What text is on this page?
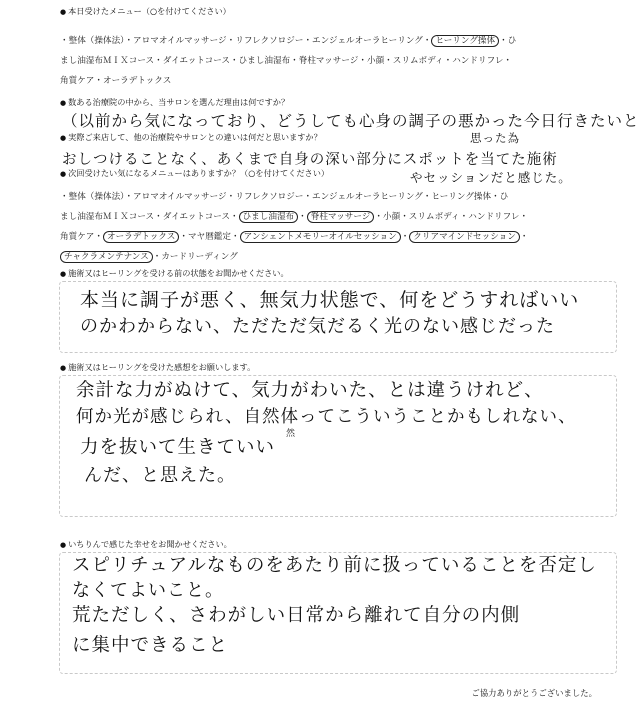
● 本日受けたメニュー（○を付けてください）
・整体（操体法）・アロマオイルマッサージ・リフレクソロジー・エンジェルオーラヒーリング・ ヒーリング操体 ・ひ
まし油湿布ＭＩＸコース・ダイエットコース・ひまし油湿布・脊柱マッサージ・小顔・スリムボディ・ハンドリフレ・
角質ケア・オーラデトックス
● 数ある治療院の中から、当サロンを選んだ理由は何ですか？
（以前から気になっており、どうしても心身の調子の悪かった今日行きたいと
思った為
● 実際ご来店して、他の治療院やサロンとの違いは何だと思いますか？
おしつけることなく、あくまで自身の深い部分にスポットを当てた施術
やセッションだと感じた。
● 次回受けたい気になるメニューはありますか？（○を付けてください）
・整体（操体法）・アロマオイルマッサージ・リフレクソロジー・エンジェルオーラヒーリング・ヒーリング操体・ひ
まし油湿布ＭＩＸコース・ダイエットコース・ ひまし油湿布 ・ 脊柱マッサージ ・小顔・スリムボディ・ハンドリフレ・
角質ケア・ オーラデトックス ・マヤ暦鑑定・ アンシェントメモリーオイルセッション ・ クリアマインドセッション ・
チャクラメンテナンス ・カードリーディング
● 施術又はヒーリングを受ける前の状態をお聞かせください。
本当に調子が悪く、無気力状態で、何をどうすればいい
のかわからない、ただただ気だるく光のない感じだった
● 施術又はヒーリングを受けた感想をお願いします。
余計な力がぬけて、気力がわいた、とは違うけれど、
何か光が感じられ、自然体ってこういうことかもしれない、
然
力を抜いて生きていい
んだ、と思えた。
● いちりんで感じた幸せをお聞かせください。
スピリチュアルなものをあたり前に扱っていることを否定し
なくてよいこと。
荒ただしく、さわがしい日常から離れて自分の内側
に集中できること
ご協力ありがとうございました。
